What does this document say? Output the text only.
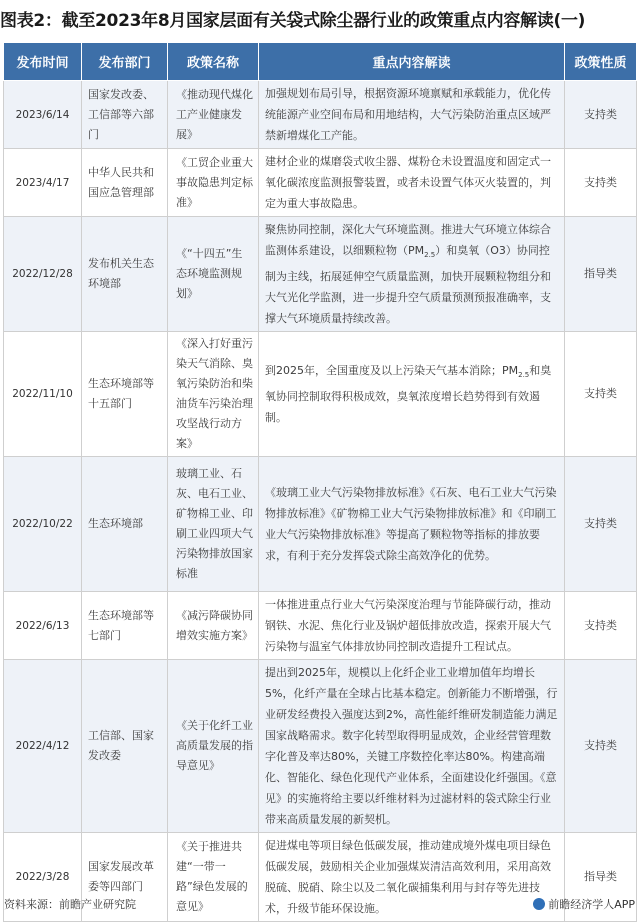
图表2：截至2023年8月国家层面有关袋式除尘器行业的政策重点内容解读(一)
发布时间	发布部门	政策名称	重点内容解读	政策性质
2023/6/14	国家发改委、工信部等六部门	《推动现代煤化工产业健康发展》	加强规划布局引导，根据资源环境禀赋和承载能力，优化传统能源产业空间布局和用地结构，大气污染防治重点区域严禁新增煤化工产能。	支持类
2023/4/17	中华人民共和国应急管理部	《工贸企业重大事故隐患判定标准》	建材企业的煤磨袋式收尘器、煤粉仓未设置温度和固定式一氧化碳浓度监测报警装置，或者未设置气体灭火装置的，判定为重大事故隐患。	支持类
2022/12/28	发布机关生态环境部	《“十四五”生态环境监测规划》	聚焦协同控制，深化大气环境监测。推进大气环境立体综合监测体系建设，以细颗粒物$(PM_{2.5})$和臭氧（O3）协同控制为主线，拓展延伸空气质量监测，加快开展颗粒物组分和大气光化学监测，进一步提升空气质量预测预报准确率，支撑大气环境质量持续改善。	指导类
2022/11/10	生态环境部等十五部门	《深入打好重污染天气消除、臭氧污染防治和柴油货车污染治理攻坚战行动方案》	到2025年，全国重度及以上污染天气基本消除；$PM_{2.5}$和臭氧协同控制取得积极成效，臭氧浓度增长趋势得到有效遏制。	支持类
2022/10/22	生态环境部	玻璃工业、石灰、电石工业、矿物棉工业、印刷工业四项大气污染物排放国家标准	《玻璃工业大气污染物排放标准》《石灰、电石工业大气污染物排放标准》《矿物棉工业大气污染物排放标准》和《印刷工业大气污染物排放标准》等提高了颗粒物等指标的排放要求，有利于充分发挥袋式除尘高效净化的优势。	支持类
2022/6/13	生态环境部等七部门	《减污降碳协同增效实施方案》	一体推进重点行业大气污染深度治理与节能降碳行动，推动钢铁、水泥、焦化行业及锅炉超低排放改造，探索开展大气污染物与温室气体排放协同控制改造提升工程试点。	支持类
2022/4/12	工信部、国家发改委	《关于化纤工业高质量发展的指导意见》	提出到2025年，规模以上化纤企业工业增加值年均增长5%，化纤产量在全球占比基本稳定。创新能力不断增强，行业研发经费投入强度达到2%，高性能纤维研发制造能力满足国家战略需求。数字化转型取得明显成效，企业经营管理数字化普及率达80%，关键工序数控化率达80%。构建高端化、智能化、绿色化现代产业体系，全面建设化纤强国。《意见》的实施将给主要以纤维材料为过滤材料的袋式除尘行业带来高质量发展的新契机。	支持类
2022/3/28	国家发展改革委等四部门	《关于推进共建“一带一路”绿色发展的意见》	促进煤电等项目绿色低碳发展，推动建成境外煤电项目绿色低碳发展，鼓励相关企业加强煤炭清洁高效利用，采用高效脱硫、脱硝、除尘以及二氧化碳捕集利用与封存等先进技术，升级节能环保设施。	指导类
资料来源：前瞻产业研究院	前瞻经济学人APP
